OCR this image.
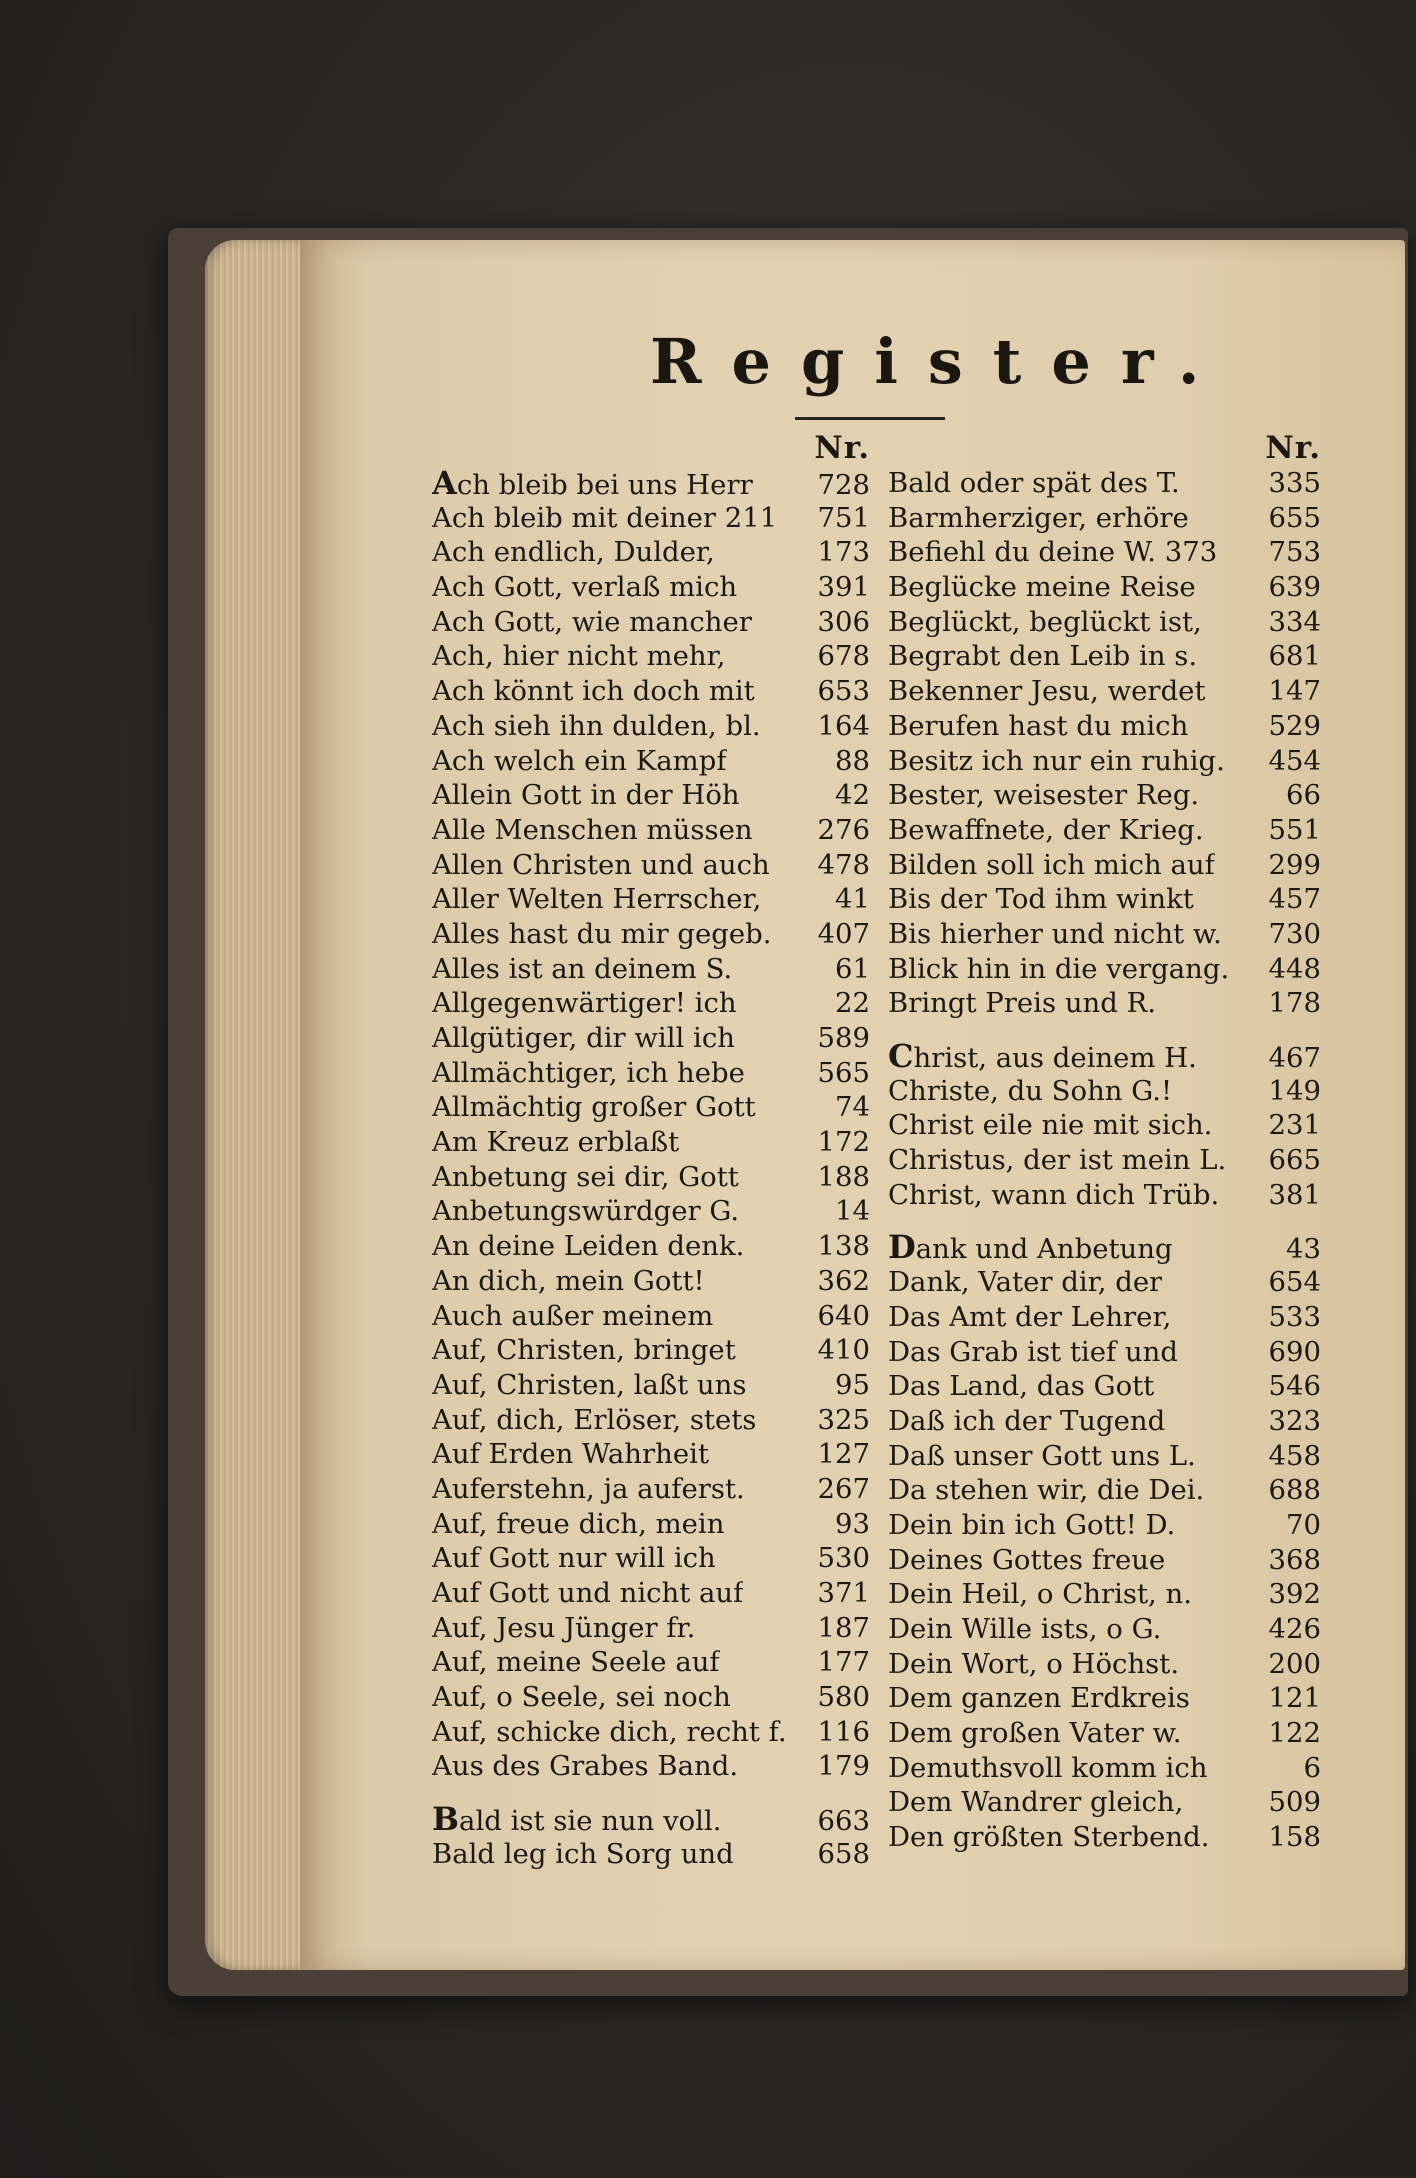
Register.
Nr.
Ach bleib bei uns Herr 728
Ach bleib mit deiner 211 751
Ach endlich, Dulder,	173
Ach Gott, verlaß mich	391
Ach Gott, wie mancher 306
Ach, hier nicht mehr,	678
Ach könnt ich doch mit 653
Ach sieh ihn dulden, bl. 164
Ach welch ein Kampf	88
Allein Gott in der Höh	42
Alle Menschen müssen 276
Allen Christen und auch 478
Aller Welten Herrscher,	41
Alles hast du mir gegeb. 407
Alles ist an deinem S.	61
Allgegenwärtiger! ich	22
Allgütiger, dir will ich	589
Allmächtiger, ich hebe	565
Allmächtig großer Gott	74
Am Kreuz erblaßt	172
Anbetung sei dir, Gott	188
Anbetungswürdger G.	14
An deine Leiden denk.	138
An dich, mein Gott!	362
Auch außer meinem	640
Auf, Christen, bringet	410
Auf, Christen, laßt uns	95
Auf, dich, Erlöser, stets 325
Auf Erden Wahrheit	127
Auferstehn, ja auferst.	267
Auf, freue dich, mein	93
Auf Gott nur will ich	530
Auf Gott und nicht auf	371
Auf, Jesu Jünger fr.	187
Auf, meine Seele auf	177
Auf, o Seele, sei noch	580
Auf, schicke dich, recht f. 116
Aus des Grabes Band.	179
Bald ist sie nun voll.	663
Bald leg ich Sorg und	658
Nr.
Bald oder spät des T.	335
Barmherziger, erhöre	655
Befiehl du deine W. 373 753
Beglücke meine Reise	639
Beglückt, beglückt ist, 334
Begrabt den Leib in s.	681
Bekenner Jesu, werdet 147
Berufen hast du mich	529
Besitz ich nur ein ruhig. 454
Bester, weisester Reg.	66
Bewaffnete, der Krieg. 551
Bilden soll ich mich auf 299
Bis der Tod ihm winkt	457
Bis hierher und nicht w. 730
Blick hin in die vergang. 448
Bringt Preis und R.	178
Christ, aus deinem H.	467
Christe, du Sohn G.!	149
Christ eile nie mit sich. 231
Christus, der ist mein L. 665
Christ, wann dich Trüb. 381
Dank und Anbetung	43
Dank, Vater dir, der	654
Das Amt der Lehrer,	533
Das Grab ist tief und	690
Das Land, das Gott	546
Daß ich der Tugend	323
Daß unser Gott uns L.	458
Da stehen wir, die Dei. 688
Dein bin ich Gott! D.	70
Deines Gottes freue	368
Dein Heil, o Christ, n.	392
Dein Wille ists, o G.	426
Dein Wort, o Höchst.	200
Dem ganzen Erdkreis	121
Dem großen Vater w.	122
Demuthsvoll komm ich	6
Dem Wandrer gleich,	509
Den größten Sterbend. 158
